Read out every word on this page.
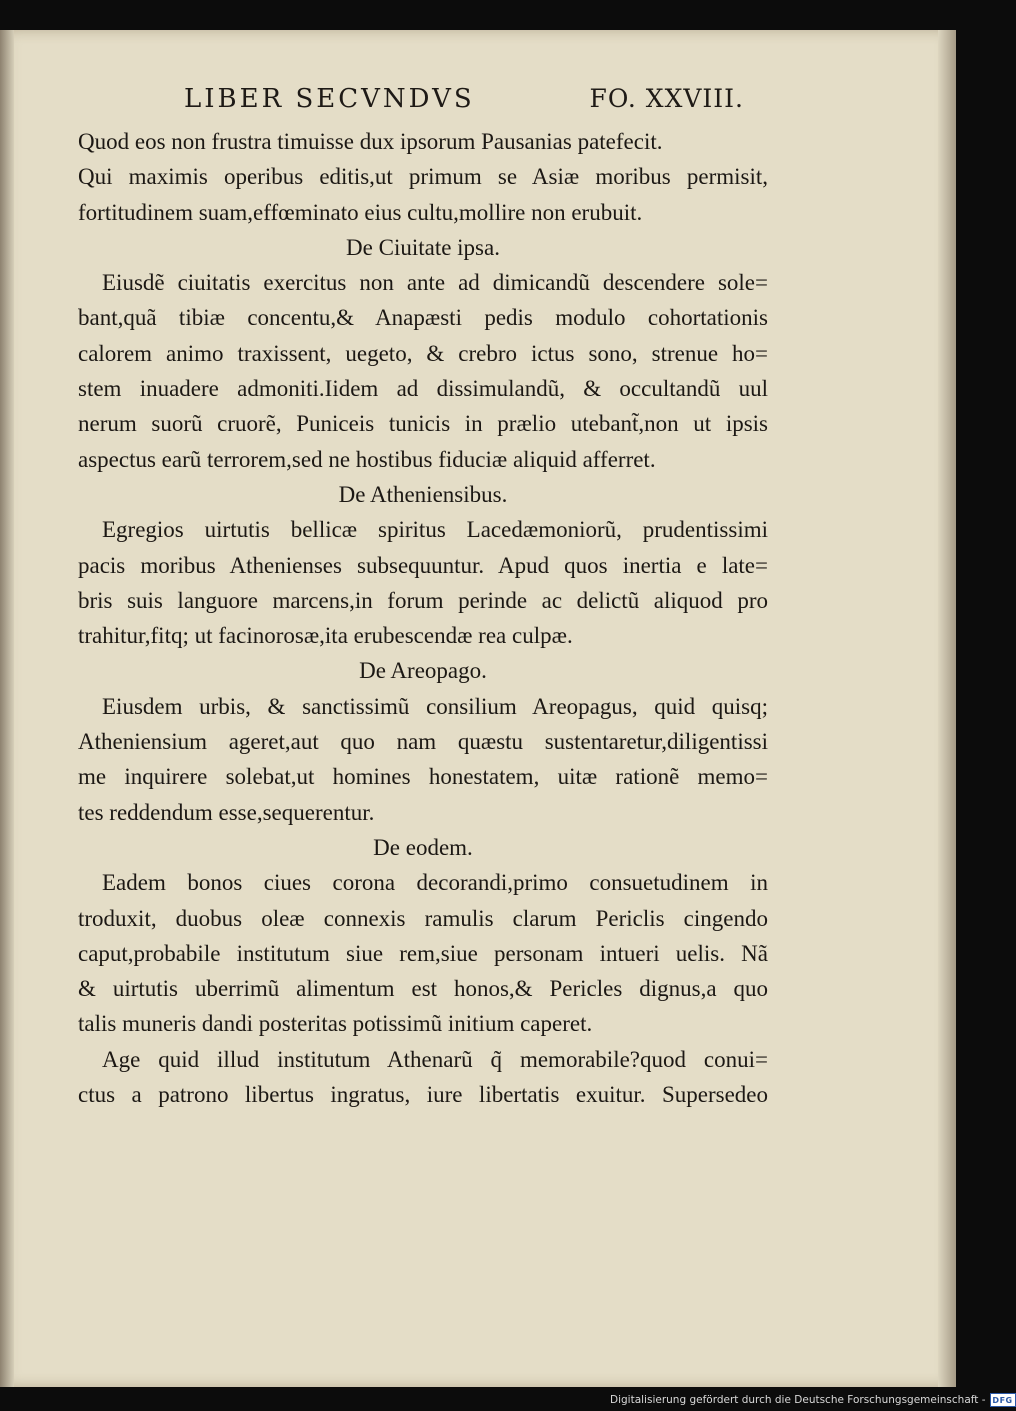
LIBER SECVNDVS	FO. XXVIII.
Quod eos non frustra timuisse dux ipsorum Pausanias patefecit.
Qui maximis operibus editis,ut primum se Asiæ moribus permisit,
fortitudinem suam,effœminato eius cultu,mollire non erubuit.
De Ciuitate ipsa.
Eiusdẽ ciuitatis exercitus non ante ad dimicandũ descendere sole=
bant,quã tibiæ concentu,& Anapæsti pedis modulo cohortationis
calorem animo traxissent, uegeto, & crebro ictus sono, strenue ho=
stem inuadere admoniti.Iidem ad dissimulandũ, & occultandũ uul
nerum suorũ cruorẽ, Puniceis tunicis in prælio utebant̃,non ut ipsis
aspectus earũ terrorem,sed ne hostibus fiduciæ aliquid afferret.
De Atheniensibus.
Egregios uirtutis bellicæ spiritus Lacedæmoniorũ, prudentissimi
pacis moribus Athenienses subsequuntur. Apud quos inertia e late=
bris suis languore marcens,in forum perinde ac delictũ aliquod pro
trahitur,fitq; ut facinorosæ,ita erubescendæ rea culpæ.
De Areopago.
Eiusdem urbis, & sanctissimũ consilium Areopagus, quid quisq;
Atheniensium ageret,aut quo nam quæstu sustentaretur,diligentissi
me inquirere solebat,ut homines honestatem, uitæ rationẽ memo=
tes reddendum esse,sequerentur.
De eodem.
Eadem bonos ciues corona decorandi,primo consuetudinem in
troduxit, duobus oleæ connexis ramulis clarum Periclis cingendo
caput,probabile institutum siue rem,siue personam intueri uelis. Nã
& uirtutis uberrimũ alimentum est honos,& Pericles dignus,a quo
talis muneris dandi posteritas potissimũ initium caperet.
Age quid illud institutum Athenarũ q̃ memorabile?quod conui=
ctus a patrono libertus ingratus, iure libertatis exuitur. Supersedeo
Digitalisierung gefördert durch die Deutsche Forschungsgemeinschaft - DFG
